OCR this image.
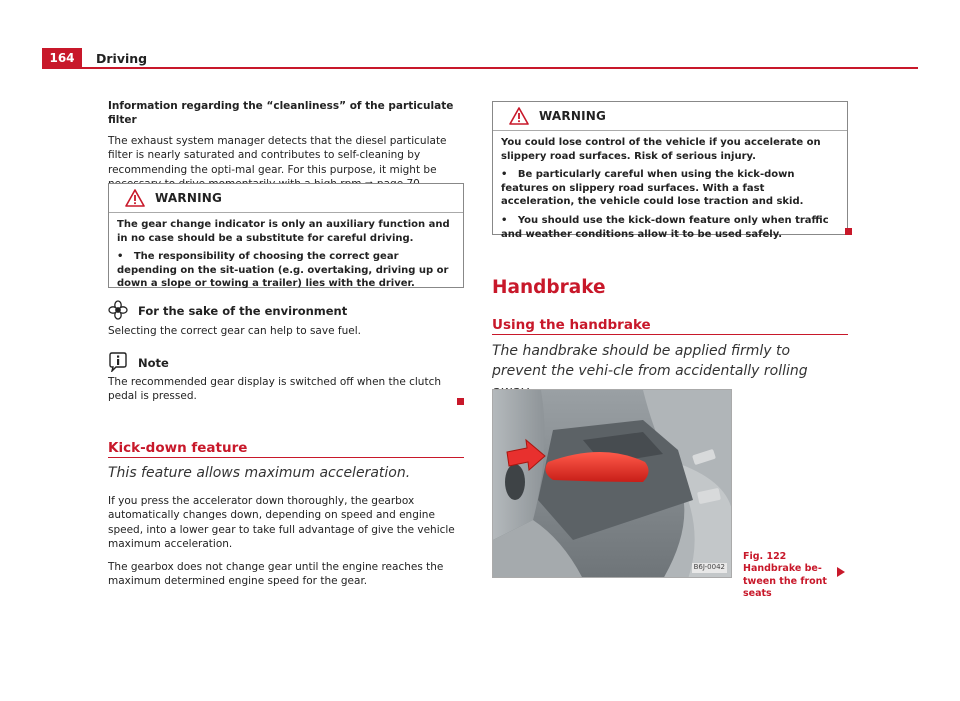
164	Driving

Information regarding the “cleanliness” of the particulate filter

The exhaust system manager detects that the diesel particulate filter is nearly saturated and contributes to self-cleaning by recommending the opti-mal gear. For this purpose, it might be

WARNING

The gear change indicator is only an auxiliary function and in no case should be a substitute for careful driving.

• The responsibility of choosing the correct gear depending on the sit-uation (e.g. overtaking, driving up or down a slope or towing a trailer) lies with the driver.

For the sake of the environment

Selecting the correct gear can help to save fuel.

Note

The recommended gear display is switched off when the clutch pedal is pressed.

Kick-down feature
This feature allows maximum acceleration.

If you press the accelerator down thoroughly, the gearbox automatically changes down, depending on speed and engine speed, into a lower gear to take full advantage of give the vehicle maximum acceleration.

The gearbox does not change gear until the engine reaches the maximum determined engine speed for the gear.

WARNING

You could lose control of the vehicle if you accelerate on slippery road surfaces. Risk of serious injury.

• Be particularly careful when using the kick-down features on slippery road surfaces. With a fast acceleration, the vehicle could lose traction and skid.

• You should use the kick-down feature only when traffic and weather conditions allow it to be used safely.

Handbrake
Using the handbrake
The handbrake should be applied firmly to prevent the vehi-cle from accidentally rolling
B6J-0042
Fig. 122 Handbrake be-tween the front seats
